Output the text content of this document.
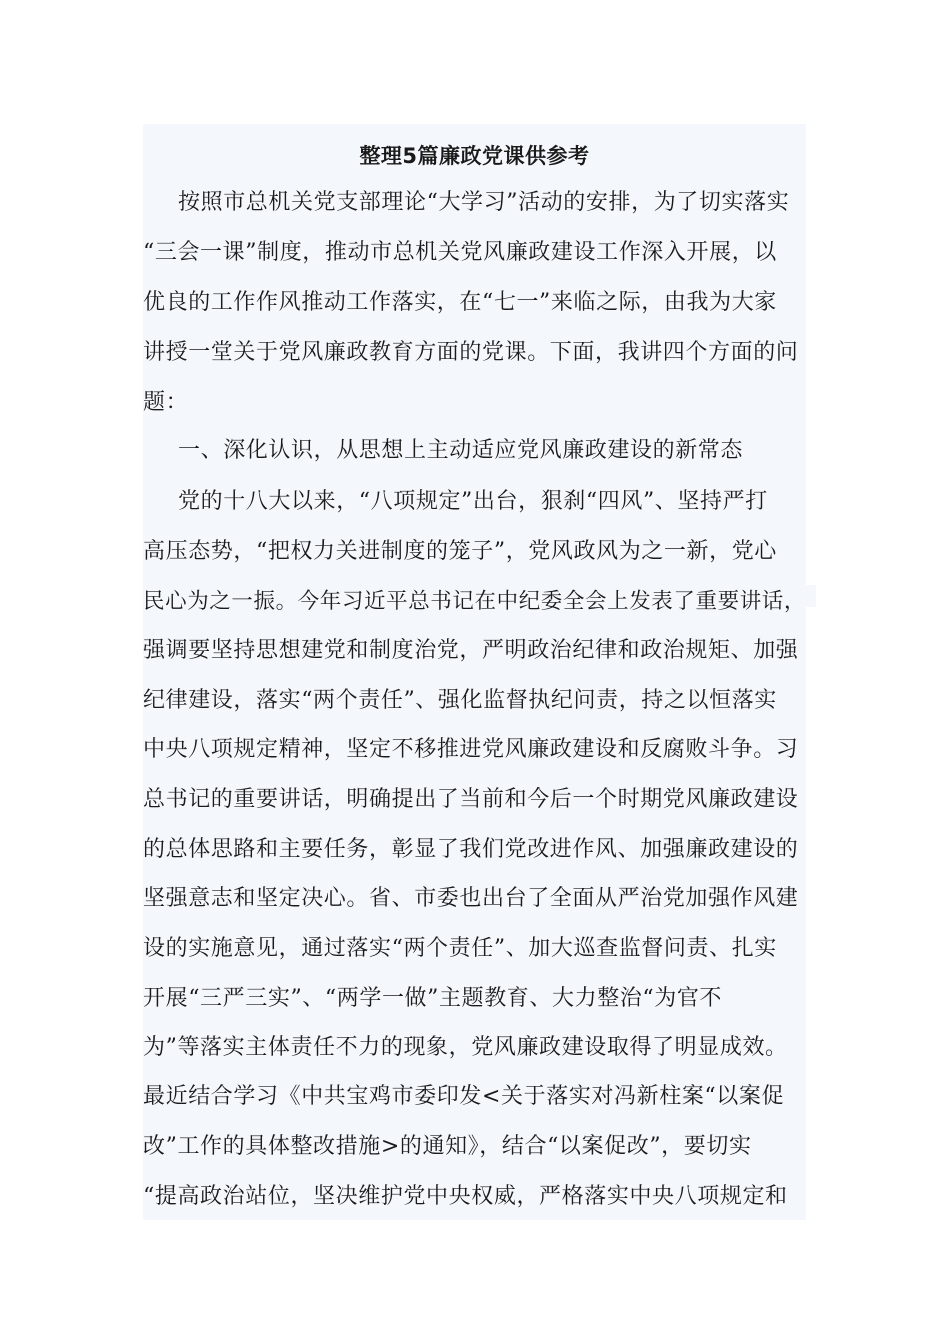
整理5篇廉政党课供参考
按照市总机关党支部理论“大学习”活动的安排，为了切实落实
“三会一课”制度，推动市总机关党风廉政建设工作深入开展，以
优良的工作作风推动工作落实，在“七一”来临之际，由我为大家
讲授一堂关于党风廉政教育方面的党课。下面，我讲四个方面的问
题：
一、深化认识，从思想上主动适应党风廉政建设的新常态
党的十八大以来，“八项规定”出台，狠刹“四风”、坚持严打
高压态势，“把权力关进制度的笼子”，党风政风为之一新，党心
民心为之一振。今年习近平总书记在中纪委全会上发表了重要讲话，
强调要坚持思想建党和制度治党，严明政治纪律和政治规矩、加强
纪律建设，落实“两个责任”、强化监督执纪问责，持之以恒落实
中央八项规定精神，坚定不移推进党风廉政建设和反腐败斗争。习
总书记的重要讲话，明确提出了当前和今后一个时期党风廉政建设
的总体思路和主要任务，彰显了我们党改进作风、加强廉政建设的
坚强意志和坚定决心。省、市委也出台了全面从严治党加强作风建
设的实施意见，通过落实“两个责任”、加大巡查监督问责、扎实
开展“三严三实”、“两学一做”主题教育、大力整治“为官不
为”等落实主体责任不力的现象，党风廉政建设取得了明显成效。
最近结合学习《中共宝鸡市委印发<关于落实对冯新柱案“以案促
改”工作的具体整改措施>的通知》，结合“以案促改”，要切实
“提高政治站位，坚决维护党中央权威，严格落实中央八项规定和
